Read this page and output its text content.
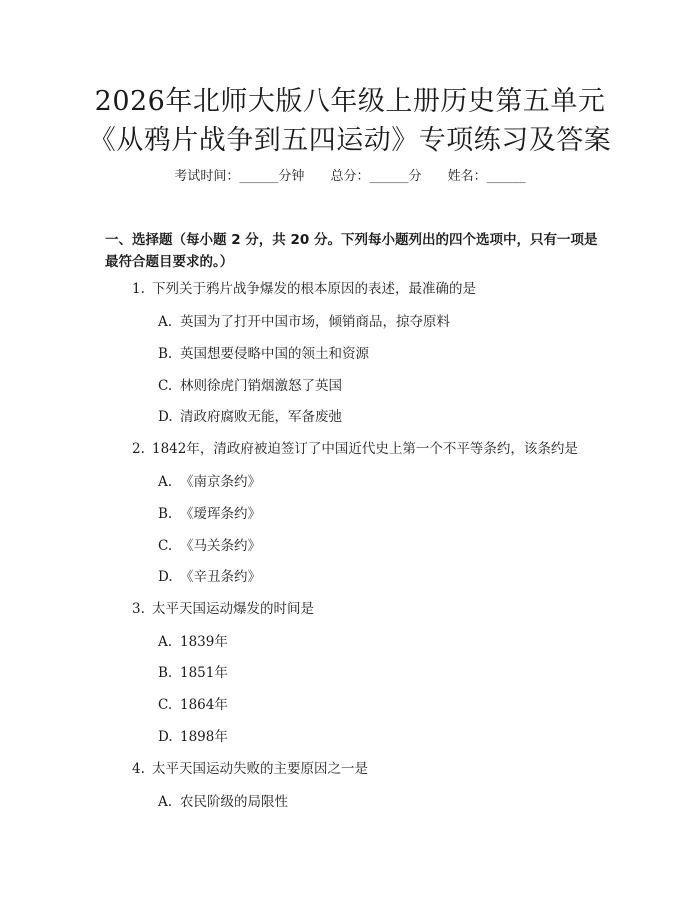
2026年北师大版八年级上册历史第五单元
《从鸦片战争到五四运动》专项练习及答案
考试时间：______分钟 总分：______分 姓名：______
一、选择题（每小题 2 分，共 20 分。下列每小题列出的四个选项中，只有一项是最符合题目要求的。）
1. 下列关于鸦片战争爆发的根本原因的表述，最准确的是
A. 英国为了打开中国市场，倾销商品，掠夺原料
B. 英国想要侵略中国的领土和资源
C. 林则徐虎门销烟激怒了英国
D. 清政府腐败无能，军备废弛
2. 1842年，清政府被迫签订了中国近代史上第一个不平等条约，该条约是
A. 《南京条约》
B. 《瑷珲条约》
C. 《马关条约》
D. 《辛丑条约》
3. 太平天国运动爆发的时间是
A. 1839年
B. 1851年
C. 1864年
D. 1898年
4. 太平天国运动失败的主要原因之一是
A. 农民阶级的局限性
